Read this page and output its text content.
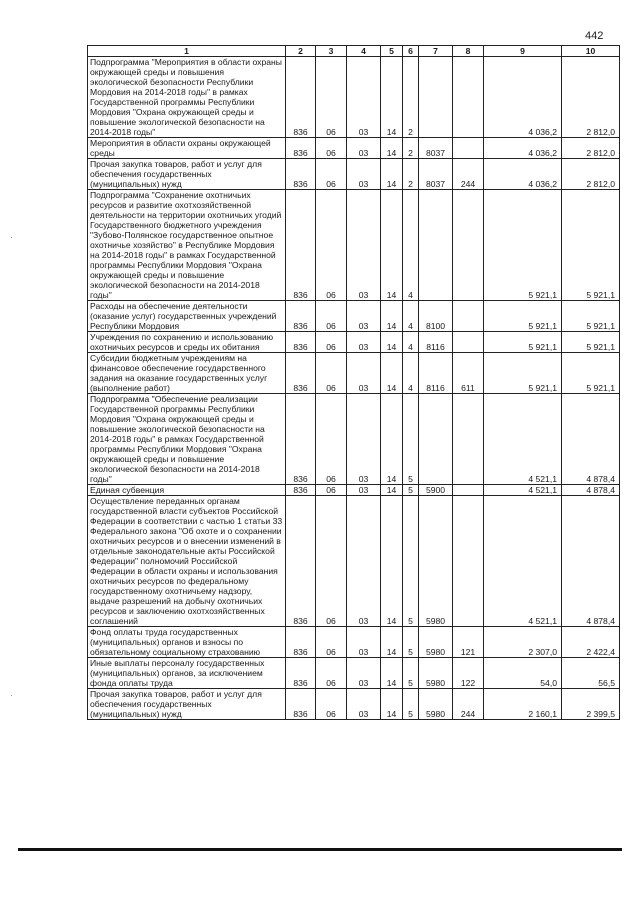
442
1	2	3	4	5	6	7	8	9	10
Подпрограмма "Мероприятия в области охраны окружающей среды и повышения экологической безопасности Республики Мордовия на 2014-2018 годы" в рамках Государственной программы Республики Мордовия "Охрана окружающей среды и повышение экологической безопасности на 2014-2018 годы"	836	06	03	14	2			4 036,2	2 812,0
Мероприятия в области охраны окружающей среды	836	06	03	14	2	8037		4 036,2	2 812,0
Прочая закупка товаров, работ и услуг для обеспечения государственных (муниципальных) нужд	836	06	03	14	2	8037	244	4 036,2	2 812,0
Подпрограмма "Сохранение охотничьих ресурсов и развитие охотхозяйственной деятельности на территории охотничьих угодий Государственного бюджетного учреждения "Зубово-Полянское государственное опытное охотничье хозяйство" в Республике Мордовия на 2014-2018 годы" в рамках Государственной программы Республики Мордовия "Охрана окружающей среды и повышение экологической безопасности на 2014-2018 годы"	836	06	03	14	4			5 921,1	5 921,1
Расходы на обеспечение деятельности (оказание услуг) государственных учреждений Республики Мордовия	836	06	03	14	4	8100		5 921,1	5 921,1
Учреждения по сохранению и использованию охотничьих ресурсов и среды их обитания	836	06	03	14	4	8116		5 921,1	5 921,1
Субсидии бюджетным учреждениям на финансовое обеспечение государственного задания на оказание государственных услуг (выполнение работ)	836	06	03	14	4	8116	611	5 921,1	5 921,1
Подпрограмма "Обеспечение реализации Государственной программы Республики Мордовия "Охрана окружающей среды и повышение экологической безопасности на 2014-2018 годы" в рамках Государственной программы Республики Мордовия "Охрана окружающей среды и повышение экологической безопасности на 2014-2018 годы"	836	06	03	14	5			4 521,1	4 878,4
Единая субвенция	836	06	03	14	5	5900		4 521,1	4 878,4
Осуществление переданных органам государственной власти субъектов Российской Федерации в соответствии с частью 1 статьи 33 Федерального закона "Об охоте и о сохранении охотничьих ресурсов и о внесении изменений в отдельные законодательные акты Российской Федерации" полномочий Российской Федерации в области охраны и использования охотничьих ресурсов по федеральному государственному охотничьему надзору, выдаче разрешений на добычу охотничьих ресурсов и заключению охотхозяйственных соглашений	836	06	03	14	5	5980		4 521,1	4 878,4
Фонд оплаты труда государственных (муниципальных) органов и взносы по обязательному социальному страхованию	836	06	03	14	5	5980	121	2 307,0	2 422,4
Иные выплаты персоналу государственных (муниципальных) органов, за исключением фонда оплаты труда	836	06	03	14	5	5980	122	54,0	56,5
Прочая закупка товаров, работ и услуг для обеспечения государственных (муниципальных) нужд	836	06	03	14	5	5980	244	2 160,1	2 399,5
·
·
